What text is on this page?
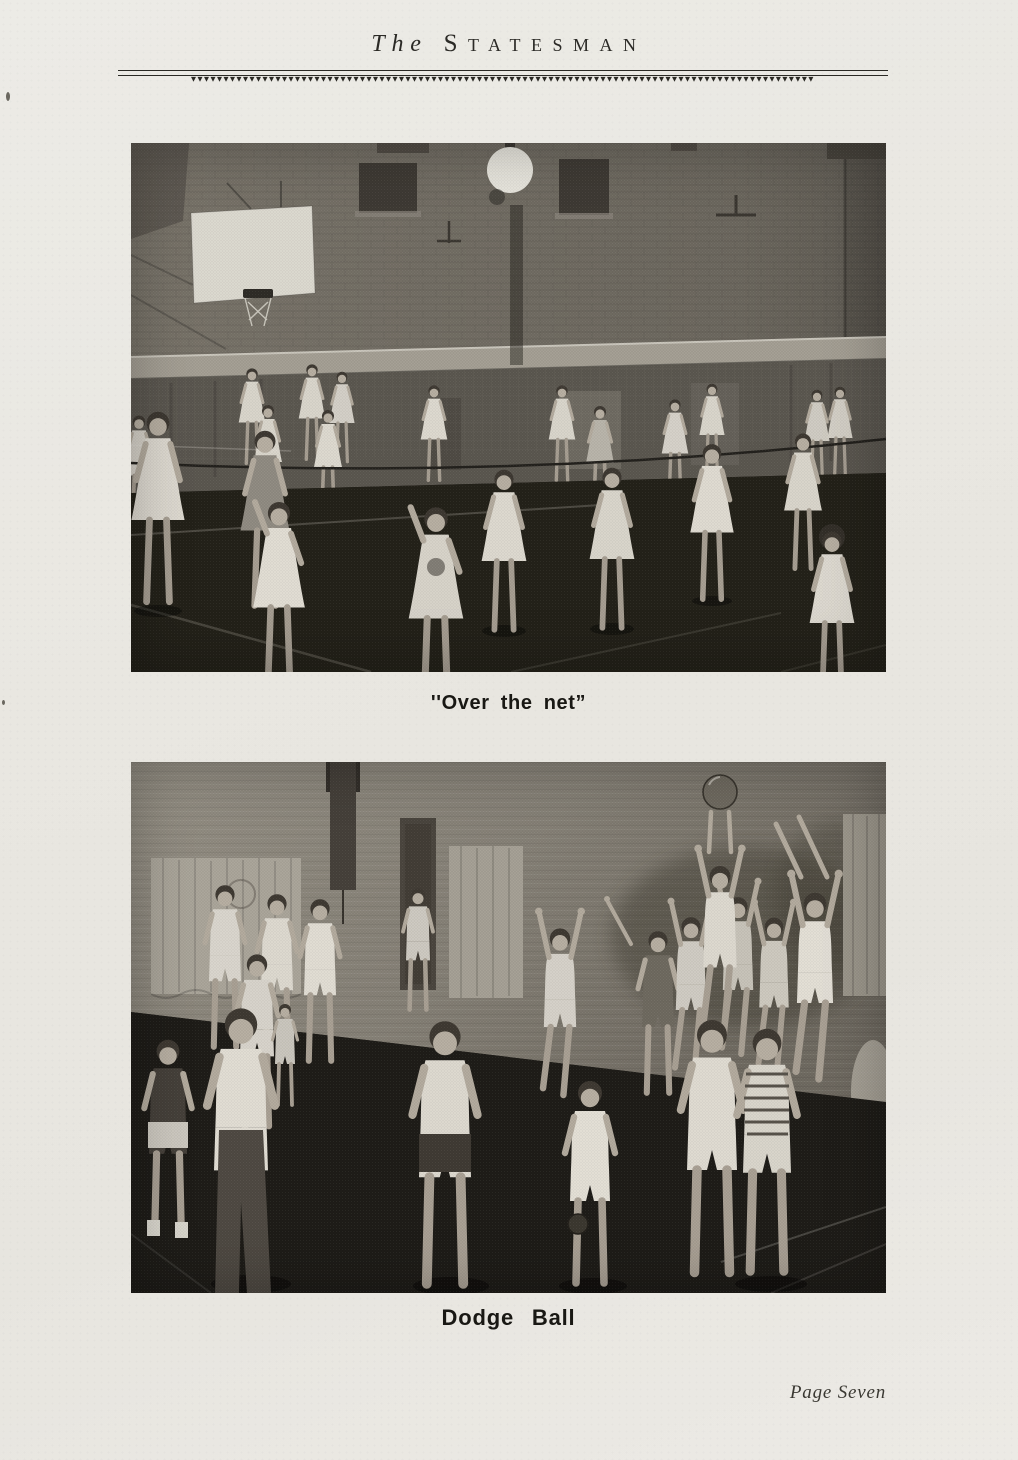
The Statesman
▼▼▼▼▼▼▼▼▼▼▼▼▼▼▼▼▼▼▼▼▼▼▼▼▼▼▼▼▼▼▼▼▼▼▼▼▼▼▼▼▼▼▼▼▼▼▼▼▼▼▼▼▼▼▼▼▼▼▼▼▼▼▼▼▼▼▼▼▼▼▼▼▼▼▼▼▼▼▼▼▼▼▼▼▼▼▼▼▼▼▼▼▼▼▼▼
''Over the net”
Dodge Ball
Page Seven
